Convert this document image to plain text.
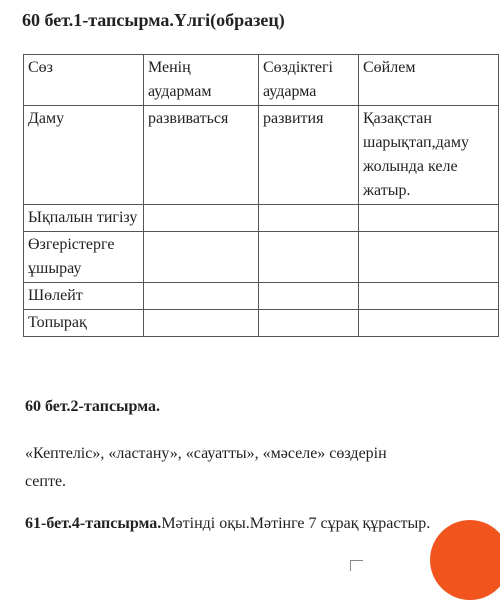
60 бет.1-тапсырма.Үлгі(образец)
Сөз	Менің аудармам	Сөздіктегі аударма	Сөйлем
Даму	развиваться	развития	Қазақстан шарықтап,даму жолында келе жатыр.
Ықпалын тигізу			
Өзгерістерге ұшырау			
Шөлейт			
Топырақ			
60 бет.2-тапсырма.
«Кептеліс», «ластану», «сауатты», «мәселе» сөздерін септе.
61-бет.4-тапсырма.Мәтінді оқы.Мәтінге 7 сұрақ құрастыр.
